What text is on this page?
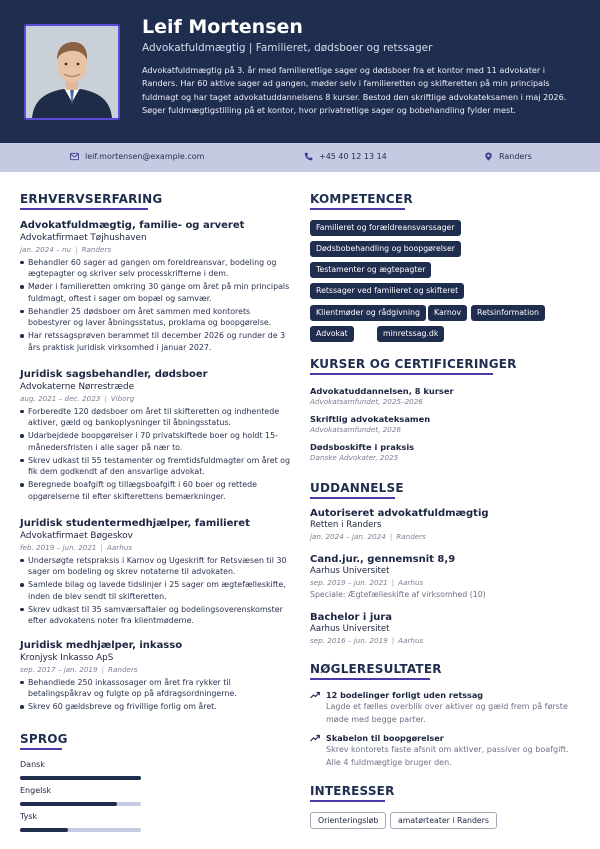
Leif Mortensen
Advokatfuldmægtig | Familieret, dødsboer og retssager
Advokatfuldmægtig på 3. år med familieretlige sager og dødsboer fra et kontor med 11 advokater i Randers. Har 60 aktive sager ad gangen, møder selv i familieretten og skifteretten på min principals fuldmagt og har taget advokatuddannelsens 8 kurser. Bestod den skriftlige advokateksamen i maj 2026. Søger fuldmægtigstilling på et kontor, hvor privatretlige sager og bobehandling fylder mest.
leif.mortensen@example.com	+45 40 12 13 14	Randers
ERHVERVSERFARING
Advokatfuldmægtig, familie- og arveret
Advokatfirmaet Tøjhushaven
jan. 2024 – nu | Randers
Behandler 60 sager ad gangen om foreldreansvar, bodeling og ægtepagter og skriver selv processkrifterne i dem.
Møder i familieretten omkring 30 gange om året på min principals fuldmagt, oftest i sager om bopæl og samvær.
Behandler 25 dødsboer om året sammen med kontorets bobestyrer og laver åbningsstatus, proklama og boopgørelse.
Har retssagsprøven berammet til december 2026 og runder de 3 års praktisk juridisk virksomhed i januar 2027.
Juridisk sagsbehandler, dødsboer
Advokaterne Nørrestræde
aug. 2021 – dec. 2023 | Viborg
Forberedte 120 dødsboer om året til skifteretten og indhentede aktiver, gæld og bankoplysninger til åbningsstatus.
Udarbejdede boopgørelser i 70 privatskiftede boer og holdt 15-månedersfristen i alle sager på nær to.
Skrev udkast til 55 testamenter og fremtidsfuldmagter om året og fik dem godkendt af den ansvarlige advokat.
Beregnede boafgift og tillægsboafgift i 60 boer og rettede opgørelserne til efter skifterettens bemærkninger.
Juridisk studentermedhjælper, familieret
Advokatfirmaet Bøgeskov
feb. 2019 – jun. 2021 | Aarhus
Undersøgte retspraksis i Karnov og Ugeskrift for Retsvæsen til 30 sager om bodeling og skrev notaterne til advokaten.
Samlede bilag og lavede tidslinjer i 25 sager om ægtefælleskifte, inden de blev sendt til skifteretten.
Skrev udkast til 35 samværsaftaler og bodelingsoverenskomster efter advokatens noter fra klientmøderne.
Juridisk medhjælper, inkasso
Kronjysk Inkasso ApS
sep. 2017 – jan. 2019 | Randers
Behandlede 250 inkassosager om året fra rykker til betalingspåkrav og fulgte op på afdragsordningerne.
Skrev 60 gældsbreve og frivillige forlig om året.
SPROG
Dansk
Engelsk
Tysk
KOMPETENCER
Familieret og forældreansvarssager
Dødsbobehandling og boopgørelser
Testamenter og ægtepagter
Retssager ved familieret og skifteret
Klientmøder og rådgivning	Karnov	Retsinformation
Advokat	minretssag.dk
KURSER OG CERTIFICERINGER
Advokatuddannelsen, 8 kurser
Advokatsamfundet, 2025–2026
Skriftlig advokateksamen
Advokatsamfundet, 2026
Dødsboskifte i praksis
Danske Advokater, 2025
UDDANNELSE
Autoriseret advokatfuldmægtig
Retten i Randers
jan. 2024 – jan. 2024 | Randers
Cand.jur., gennemsnit 8,9
Aarhus Universitet
sep. 2019 – jun. 2021 | Aarhus
Speciale: Ægtefælleskifte af virksomhed (10)
Bachelor i jura
Aarhus Universitet
sep. 2016 – jun. 2019 | Aarhus
NØGLERESULTATER
12 bodelinger forligt uden retssag
Lagde et fælles overblik over aktiver og gæld frem på første møde med begge parter.
Skabelon til boopgørelser
Skrev kontorets faste afsnit om aktiver, passiver og boafgift. Alle 4 fuldmægtige bruger den.
INTERESSER
Orienteringsløb	amatørteater i Randers
